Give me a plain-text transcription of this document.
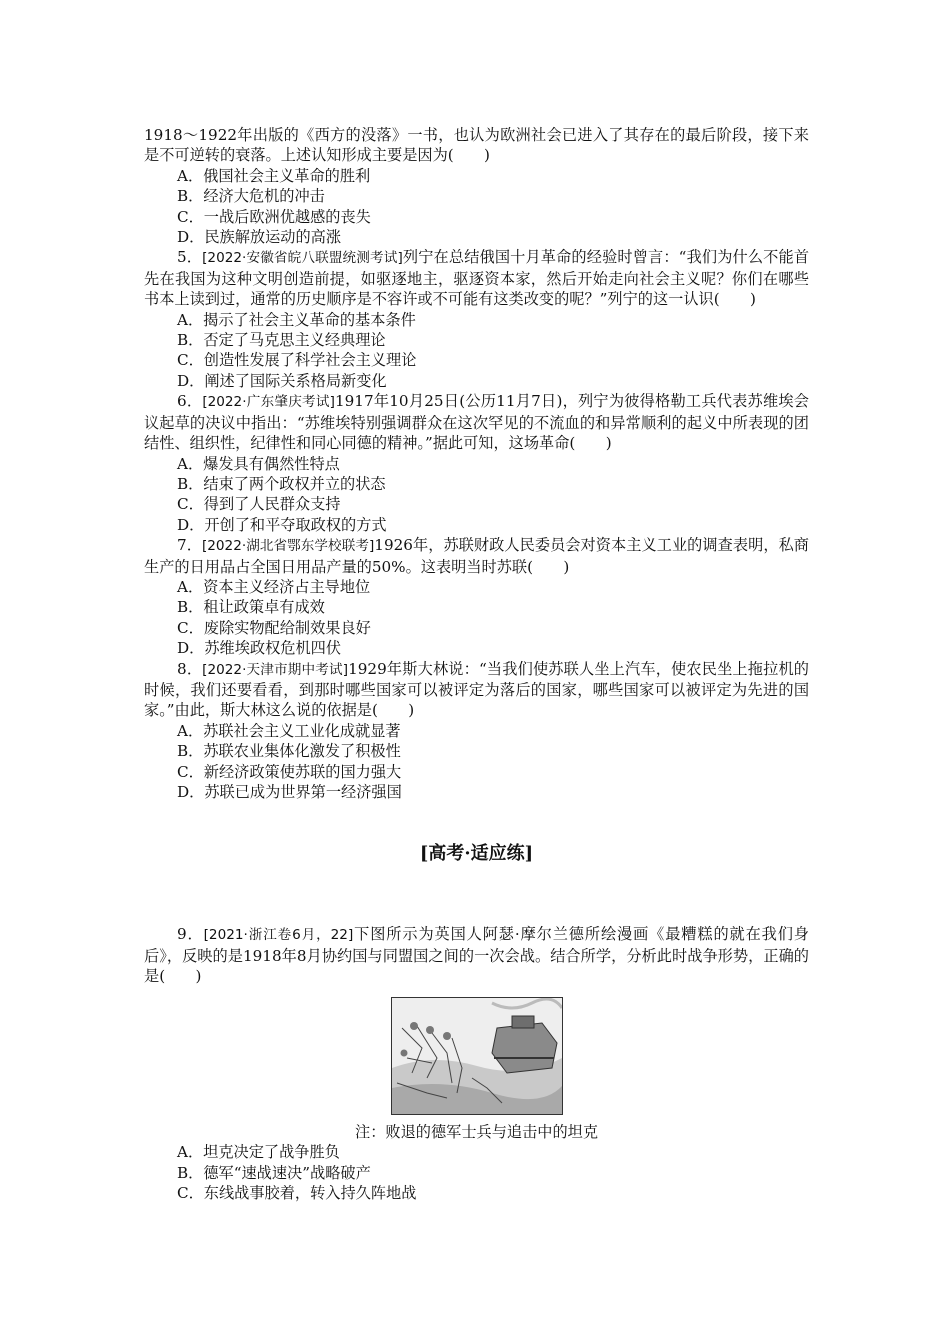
1918～1922年出版的《西方的没落》一书，也认为欧洲社会已进入了其存在的最后阶段，接下来是不可逆转的衰落。上述认知形成主要是因为(　　)

A．俄国社会主义革命的胜利

B．经济大危机的冲击

C．一战后欧洲优越感的丧失

D．民族解放运动的高涨

5．[2022·安徽省皖八联盟统测考试]列宁在总结俄国十月革命的经验时曾言：“我们为什么不能首先在我国为这种文明创造前提，如驱逐地主，驱逐资本家，然后开始走向社会主义呢？你们在哪些书本上读到过，通常的历史顺序是不容许或不可能有这类改变的呢？”列宁的这一认识(　　)

A．揭示了社会主义革命的基本条件

B．否定了马克思主义经典理论

C．创造性发展了科学社会主义理论

D．阐述了国际关系格局新变化

6．[2022·广东肇庆考试]1917年10月25日(公历11月7日)，列宁为彼得格勒工兵代表苏维埃会议起草的决议中指出：“苏维埃特别强调群众在这次罕见的不流血的和异常顺利的起义中所表现的团结性、组织性，纪律性和同心同德的精神。”据此可知，这场革命(　　)

A．爆发具有偶然性特点

B．结束了两个政权并立的状态

C．得到了人民群众支持

D．开创了和平夺取政权的方式

7．[2022·湖北省鄂东学校联考]1926年，苏联财政人民委员会对资本主义工业的调查表明，私商生产的日用品占全国日用品产量的50%。这表明当时苏联(　　)

A．资本主义经济占主导地位

B．租让政策卓有成效

C．废除实物配给制效果良好

D．苏维埃政权危机四伏

8．[2022·天津市期中考试]1929年斯大林说：“当我们使苏联人坐上汽车，使农民坐上拖拉机的时候，我们还要看看，到那时哪些国家可以被评定为落后的国家，哪些国家可以被评定为先进的国家。”由此，斯大林这么说的依据是(　　)

A．苏联社会主义工业化成就显著

B．苏联农业集体化激发了积极性

C．新经济政策使苏联的国力强大

D．苏联已成为世界第一经济强国

[高考·适应练]

9．[2021·浙江卷6月，22]下图所示为英国人阿瑟·摩尔兰德所绘漫画《最糟糕的就在我们身后》，反映的是1918年8月协约国与同盟国之间的一次会战。结合所学，分析此时战争形势，正确的是(　　)

注：败退的德军士兵与追击中的坦克

A．坦克决定了战争胜负

B．德军“速战速决”战略破产

C．东线战事胶着，转入持久阵地战
